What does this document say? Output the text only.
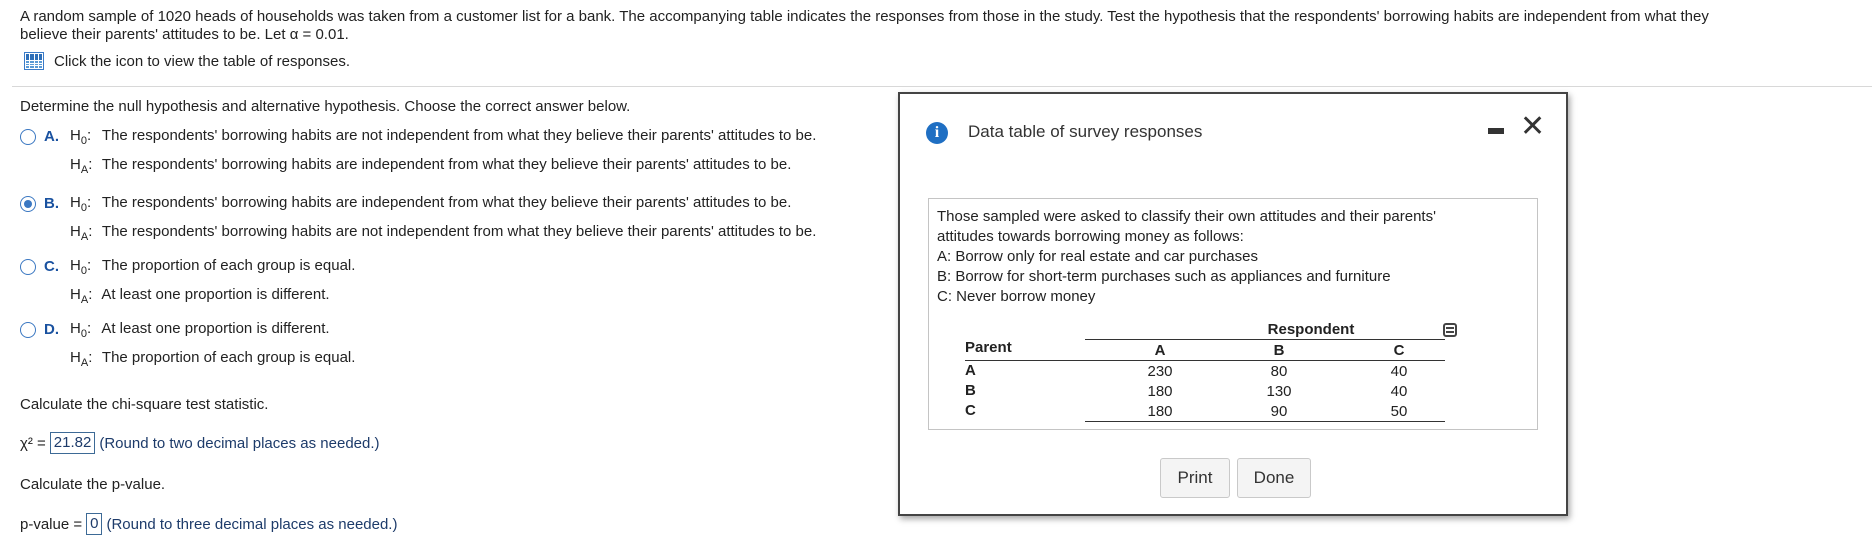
A random sample of 1020 heads of households was taken from a customer list for a bank. The accompanying table indicates the responses from those in the study. Test the hypothesis that the respondents' borrowing habits are independent from what they
believe their parents' attitudes to be. Let α = 0.01.
Click the icon to view the table of responses.
Determine the null hypothesis and alternative hypothesis. Choose the correct answer below.
A. $H_0$: The respondents' borrowing habits are not independent from what they believe their parents' attitudes to be.
$H_A$: The respondents' borrowing habits are independent from what they believe their parents' attitudes to be.
B. $H_0$: The respondents' borrowing habits are independent from what they believe their parents' attitudes to be.
$H_A$: The respondents' borrowing habits are not independent from what they believe their parents' attitudes to be.
C. $H_0$: The proportion of each group is equal.
$H_A$: At least one proportion is different.
D. $H_0$: At least one proportion is different.
$H_A$: The proportion of each group is equal.
Calculate the chi-square test statistic.
χ² = 21.82 (Round to two decimal places as needed.)
Calculate the p-value.
p-value = 0 (Round to three decimal places as needed.)
i	Data table of survey responses	✕
Those sampled were asked to classify their own attitudes and their parents'
attitudes towards borrowing money as follows:
A: Borrow only for real estate and car purchases
B: Borrow for short-term purchases such as appliances and furniture
C: Never borrow money
Respondent
Parent	A	B	C
A	230	80	40
B	180	130	40
C	180	90	50
Print	Done
